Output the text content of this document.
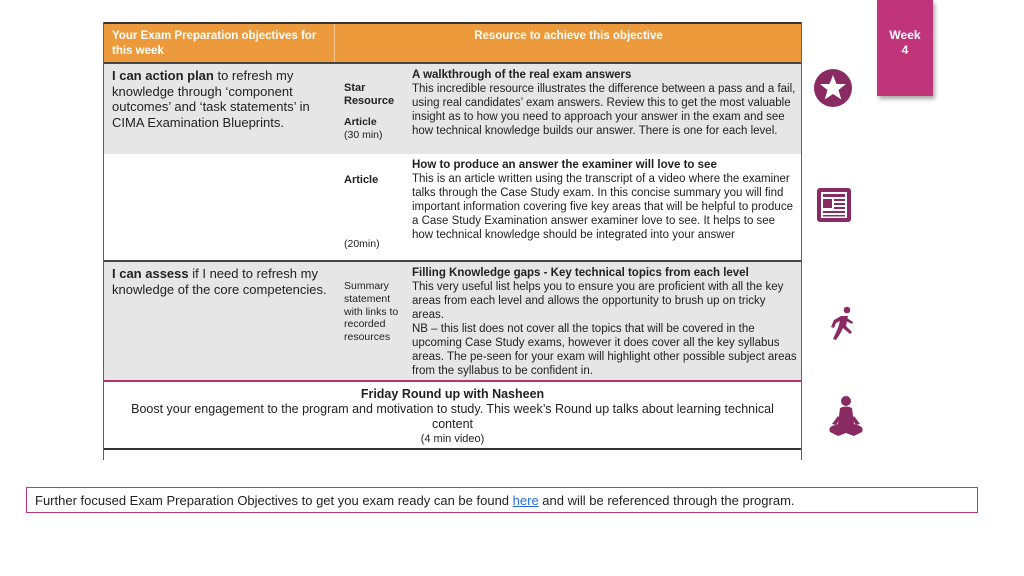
Your Exam Preparation objectives for this week
Resource to achieve this objective
I can action plan to refresh my knowledge through ‘component outcomes’ and ‘task statements’ in CIMA Examination Blueprints.
Star Resource
Article
(30 min)
A walkthrough of the real exam answers
This incredible resource illustrates the difference between a pass and a fail, using real candidates’ exam answers. Review this to get the most valuable insight as to how you need to approach your answer in the exam and see how technical knowledge builds our answer. There is one for each level.
Article
(20min)
How to produce an answer the examiner will love to see
This is an article written using the transcript of a video where the examiner talks through the Case Study exam. In this concise summary you will find important information covering five key areas that will be helpful to produce a Case Study Examination answer examiner love to see. It helps to see how technical knowledge should be integrated into your answer
I can assess if I need to refresh my knowledge of the core competencies.	Summary statement with links to recorded resources
Filling Knowledge gaps - Key technical topics from each level
This very useful list helps you to ensure you are proficient with all the key areas from each level and allows the opportunity to brush up on tricky areas.
NB – this list does not cover all the topics that will be covered in the upcoming Case Study exams, however it does cover all the key syllabus areas. The pe-seen for your exam will highlight other possible subject areas from the syllabus to be confident in.
Friday Round up with Nasheen
Boost your engagement to the program and motivation to study. This week’s Round up talks about learning technical content
(4 min video)
Week
4
Further focused Exam Preparation Objectives to get you exam ready can be found here and will be referenced through the program.
